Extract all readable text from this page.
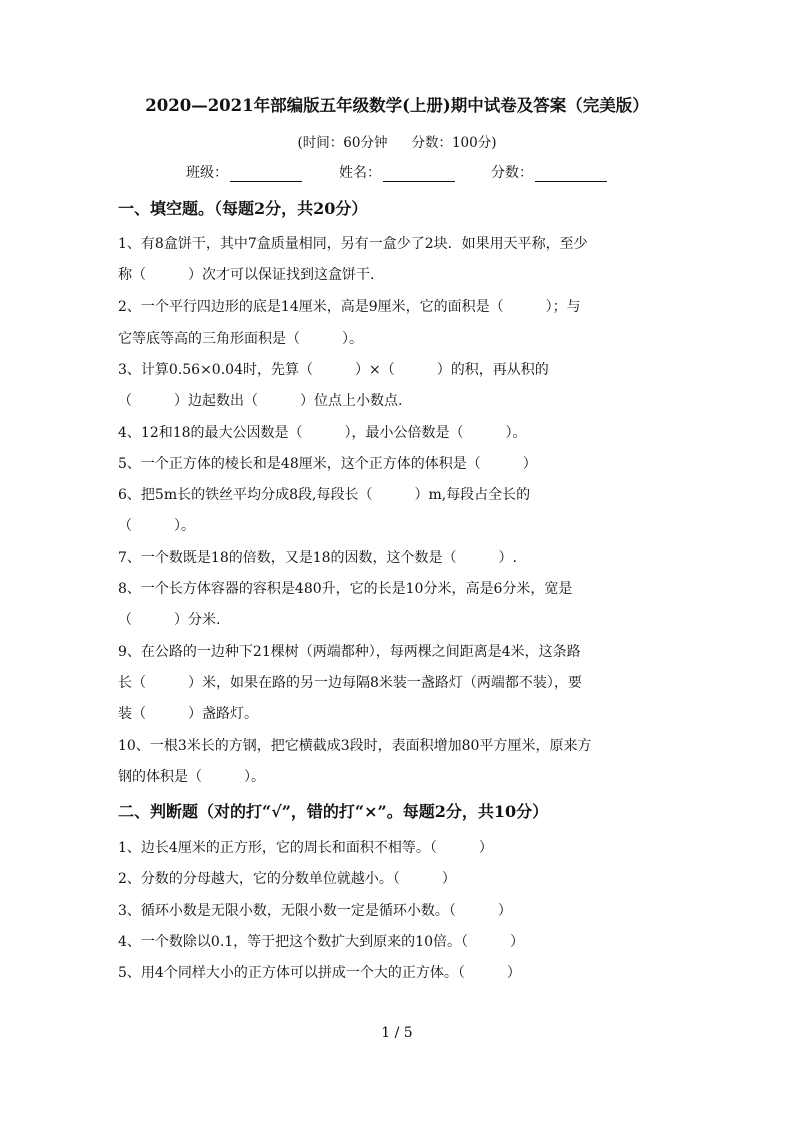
2020—2021年部编版五年级数学(上册)期中试卷及答案（完美版）
(时间：60分钟 分数：100分)
班级：	姓名：	分数：
一、填空题。（每题2分，共20分）
1、有8盒饼干，其中7盒质量相同，另有一盒少了2块．如果用天平称，至少
称（　　　）次才可以保证找到这盒饼干.
2、一个平行四边形的底是14厘米，高是9厘米，它的面积是（　　　）；与
它等底等高的三角形面积是（　　　）。
3、计算0.56×0.04时，先算（　　　）×（　　　）的积，再从积的
（　　　）边起数出（　　　）位点上小数点.
4、12和18的最大公因数是（　　　），最小公倍数是（　　　）。
5、一个正方体的棱长和是48厘米，这个正方体的体积是（　　　）
6、把5m长的铁丝平均分成8段,每段长（　　　）m,每段占全长的
（　　　）。
7、一个数既是18的倍数，又是18的因数，这个数是（　　　）.
8、一个长方体容器的容积是480升，它的长是10分米，高是6分米，宽是
（　　　）分米.
9、在公路的一边种下21棵树（两端都种），每两棵之间距离是4米，这条路
长（　　　）米，如果在路的另一边每隔8米装一盏路灯（两端都不装），要
装（　　　）盏路灯。
10、一根3米长的方钢，把它横截成3段时，表面积增加80平方厘米，原来方
钢的体积是（　　　）。
二、判断题（对的打“√”，错的打“×”。每题2分，共10分）
1、边长4厘米的正方形，它的周长和面积不相等。（　　　）
2、分数的分母越大，它的分数单位就越小。（　　　）
3、循环小数是无限小数，无限小数一定是循环小数。（　　　）
4、一个数除以0.1，等于把这个数扩大到原来的10倍。（　　　）
5、用4个同样大小的正方体可以拼成一个大的正方体。（　　　）
1 / 5
